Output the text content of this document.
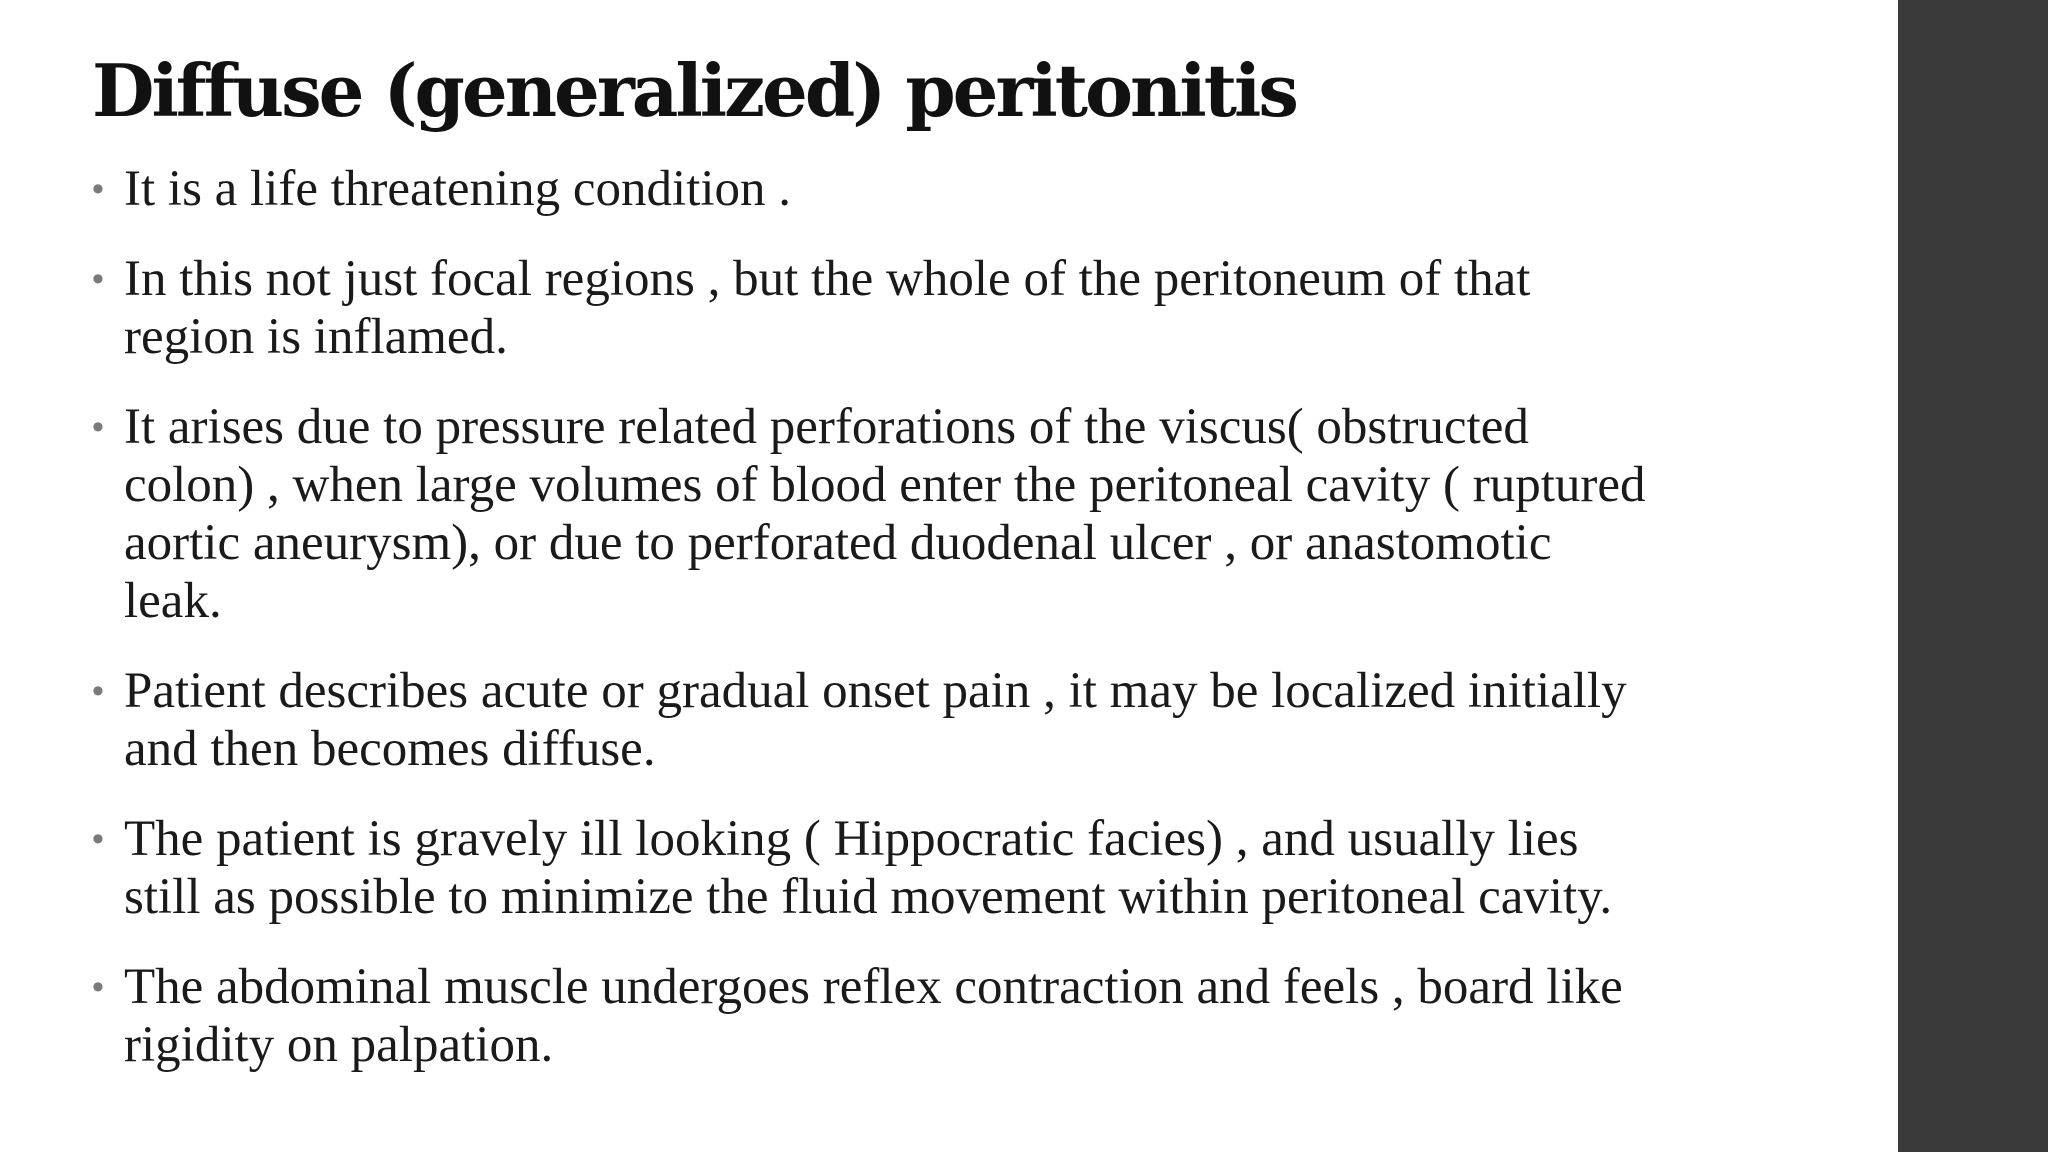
Diffuse (generalized) peritonitis
• It is a life threatening condition .
• In this not just focal regions , but the whole of the peritoneum of that
region is inflamed.
• It arises due to pressure related perforations of the viscus( obstructed
colon) , when large volumes of blood enter the peritoneal cavity ( ruptured
aortic aneurysm), or due to perforated duodenal ulcer , or anastomotic
leak.
• Patient describes acute or gradual onset pain , it may be localized initially
and then becomes diffuse.
• The patient is gravely ill looking ( Hippocratic facies) , and usually lies
still as possible to minimize the fluid movement within peritoneal cavity.
• The abdominal muscle undergoes reflex contraction and feels , board like
rigidity on palpation.
